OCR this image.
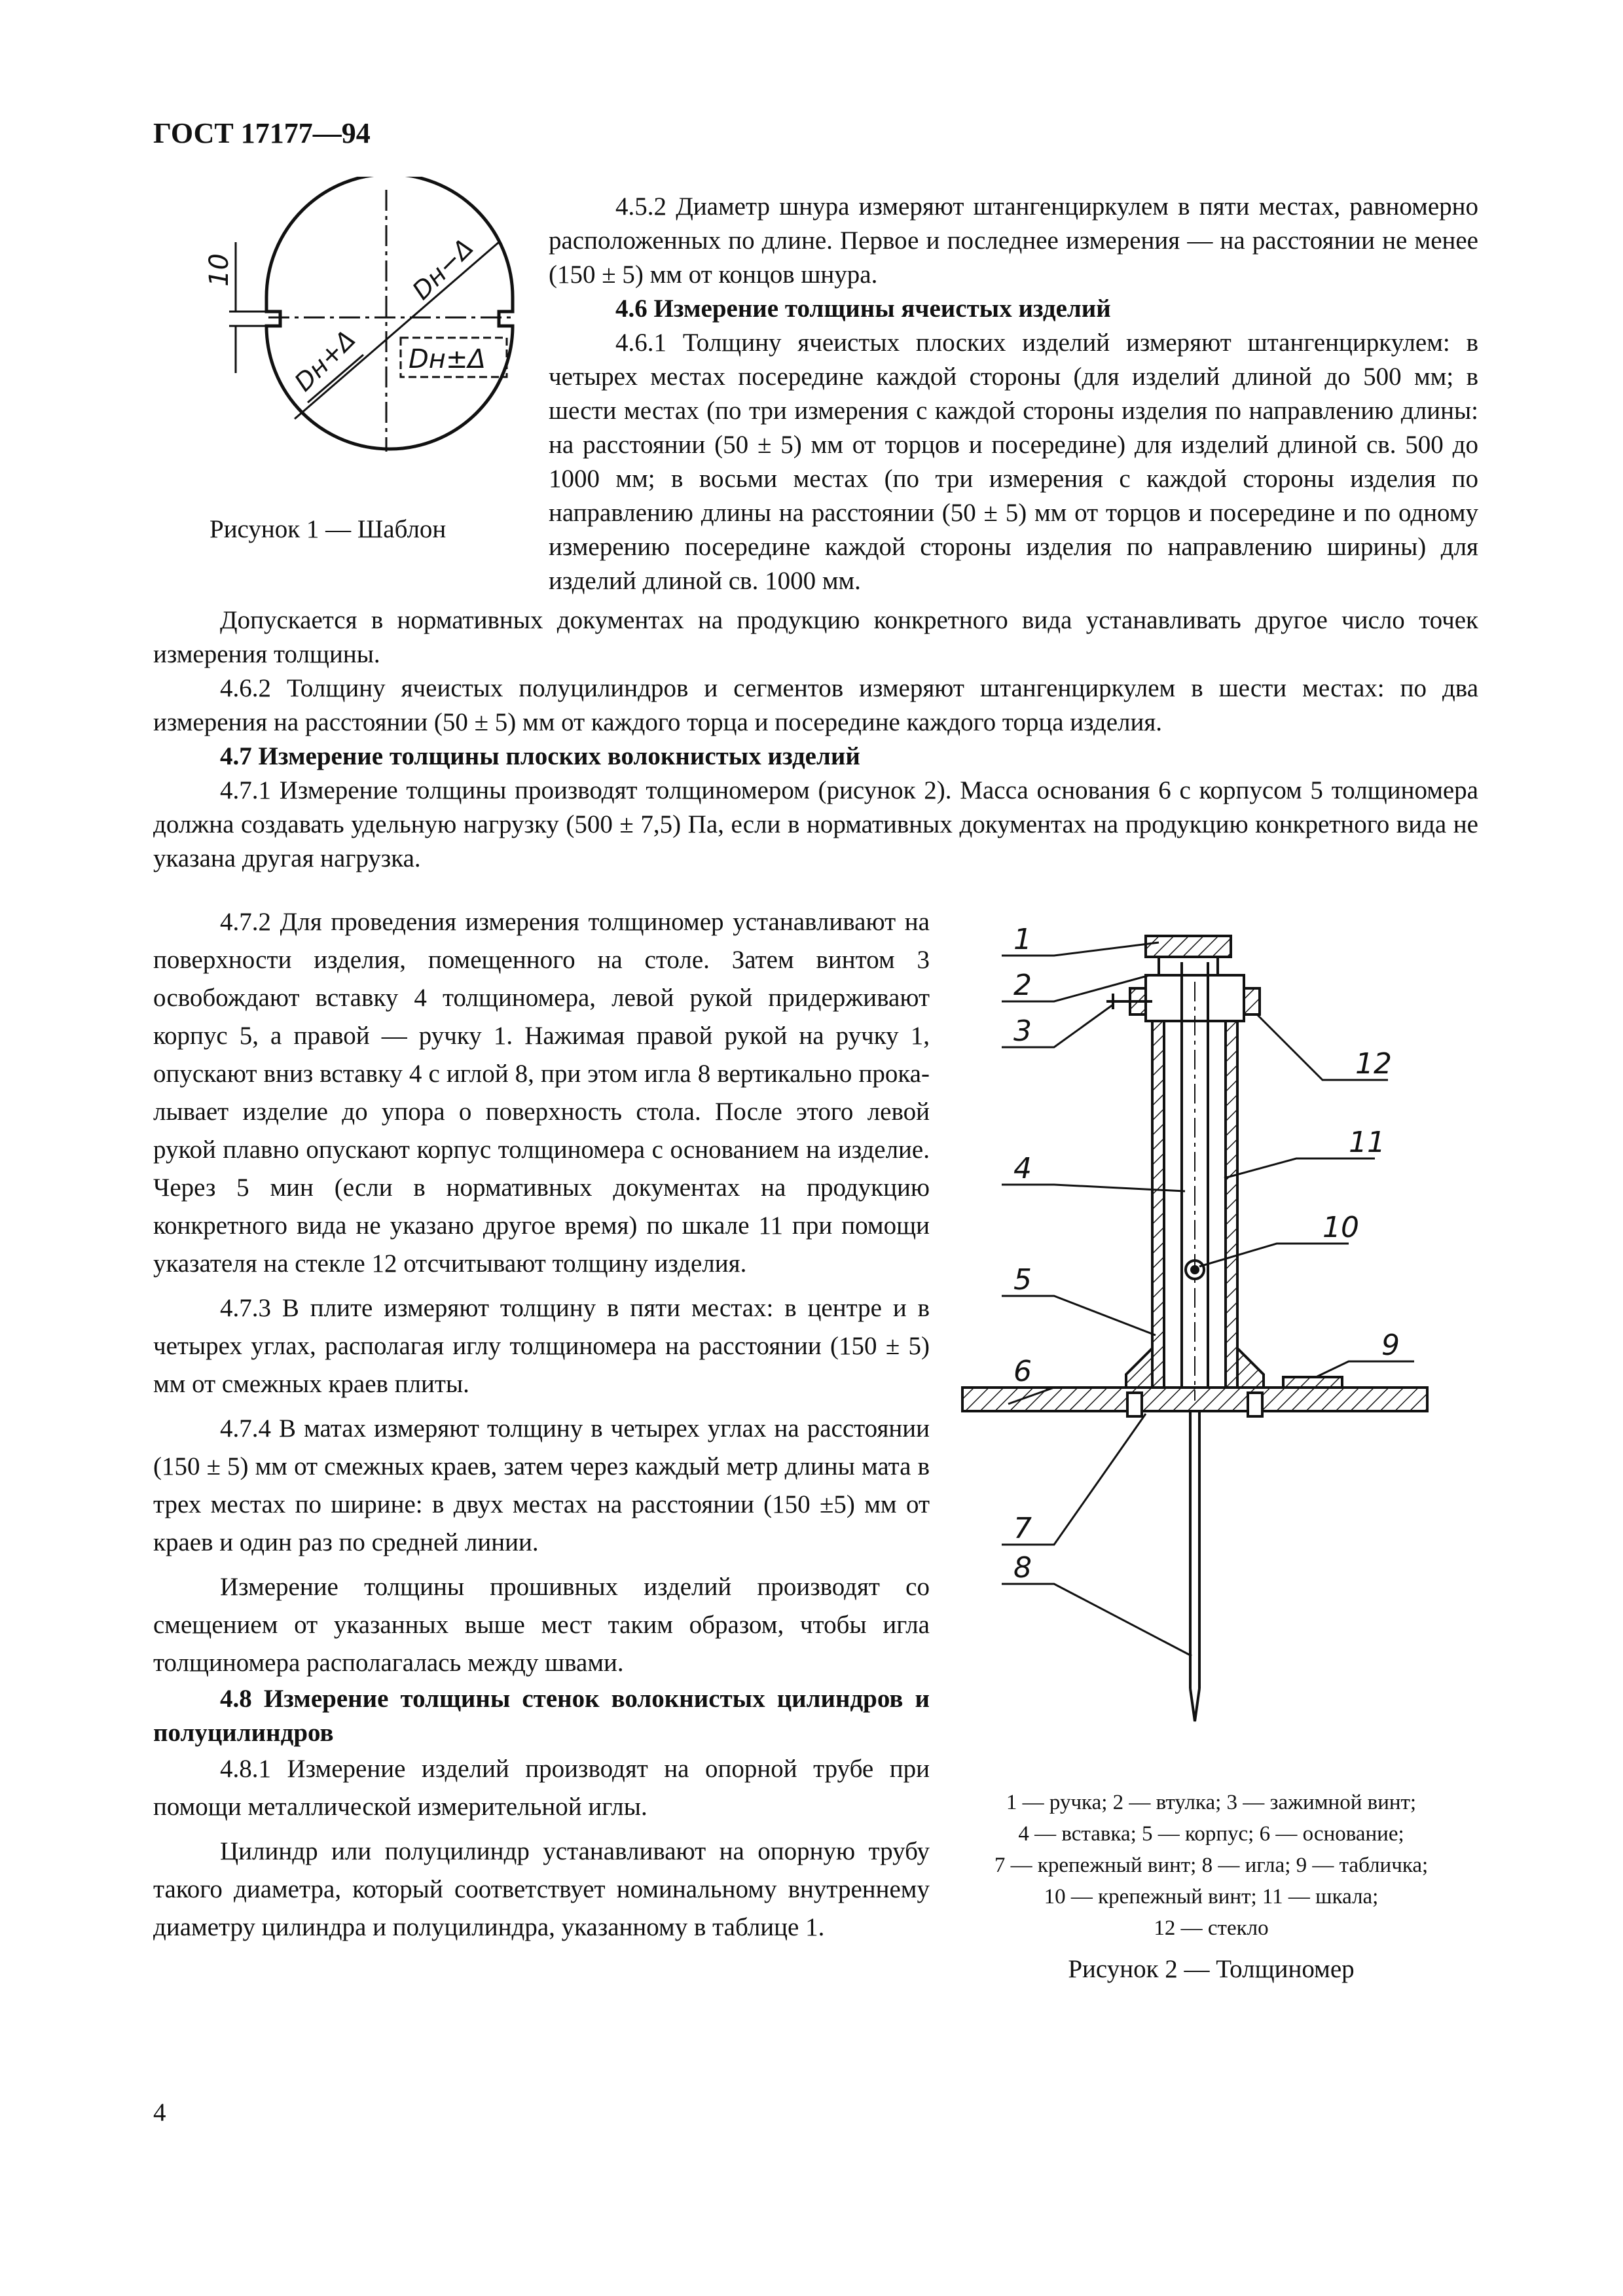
ГОСТ 17177—94
10	Dн−Δ
Dн+Δ Dн±Δ
Рисунок 1 — Шаблон

4.5.2 Диаметр шнура измеряют штангенциркулем в пяти местах, равномерно расположенных по длине. Первое и последнее измерения — на расстоянии не менее (150 ± 5) мм от концов шнура.

4.6 Измерение толщины ячеистых изделий

4.6.1 Толщину ячеистых плоских изделий измеряют штангенциркулем: в четырех местах посередине каждой стороны (для изделий длиной до 500 мм; в шести местах (по три измерения с каждой стороны изделия по направлению длины: на расстоянии (50 ± 5) мм от торцов и посередине) для изделий длиной св. 500 до 1000 мм; в восьми местах (по три измерения с каждой стороны изделия по направлению длины на расстоянии (50 ± 5) мм от торцов и посередине и по одному измерению посередине каждой стороны изделия по направлению ширины) для изделий длиной св. 1000 мм.

Допускается в нормативных документах на продукцию конкретного вида устанавливать другое число точек измерения толщины.

4.6.2 Толщину ячеистых полуцилиндров и сегментов измеряют штангенциркулем в шести местах: по два измерения на расстоянии (50 ± 5) мм от каждого торца и посередине каждого торца изделия.

4.7 Измерение толщины плоских волокнистых изделий

4.7.1 Измерение толщины производят толщиномером (рисунок 2). Масса основания 6 с корпусом 5 толщиномера должна создавать удельную нагрузку (500 ± 7,5) Па, если в нормативных документах на продукцию конкретного вида не указана другая нагрузка.

4.7.2 Для проведения измерения толщиномер устанавливают на поверхности изделия, помещенного на столе. Затем винтом 3 освобождают вставку 4 толщиномера, левой рукой придерживают корпус 5, а правой — ручку 1. Нажимая правой рукой на ручку 1, опускают вниз вставку 4 с иглой 8, при этом игла 8 вертикально прокалывает изделие до упора о поверхность стола. После этого левой рукой плавно опускают корпус толщиномера с основанием на изделие. Через 5 мин (если в нормативных документах на продукцию конкретного вида не указано другое время) по шкале 11 при помощи указателя на стекле 12 отсчитывают толщину изделия.

4.7.3 В плите измеряют толщину в пяти местах: в центре и в четырех углах, располагая иглу толщиномера на расстоянии (150 ± 5) мм от смежных краев плиты.

4.7.4 В матах измеряют толщину в четырех углах на расстоянии (150 ± 5) мм от смежных краев, затем через каждый метр длины мата в трех местах по ширине: в двух местах на расстоянии (150 ±5) мм от краев и один раз по средней линии.

Измерение толщины прошивных изделий производят со смещением от указанных выше мест таким образом, чтобы игла толщиномера располагалась между швами.

4.8 Измерение толщины стенок волокнистых цилиндров и полуцилиндров

4.8.1 Измерение изделий производят на опорной трубе при помощи металлической измерительной иглы.

Цилиндр или полуцилиндр устанавливают на опорную трубу такого диаметра, который соответствует номинальному внутреннему диаметру цилиндра и полуцилиндра, указанному в таблице 1.

1
2
3
4
5
6
7
8
9
10
11
12
1 — ручка; 2 — втулка; 3 — зажимной винт;
4 — вставка; 5 — корпус; 6 — основание;
7 — крепежный винт; 8 — игла; 9 — табличка;
10 — крепежный винт; 11 — шкала;
12 — стекло
Рисунок 2 — Толщиномер
4
